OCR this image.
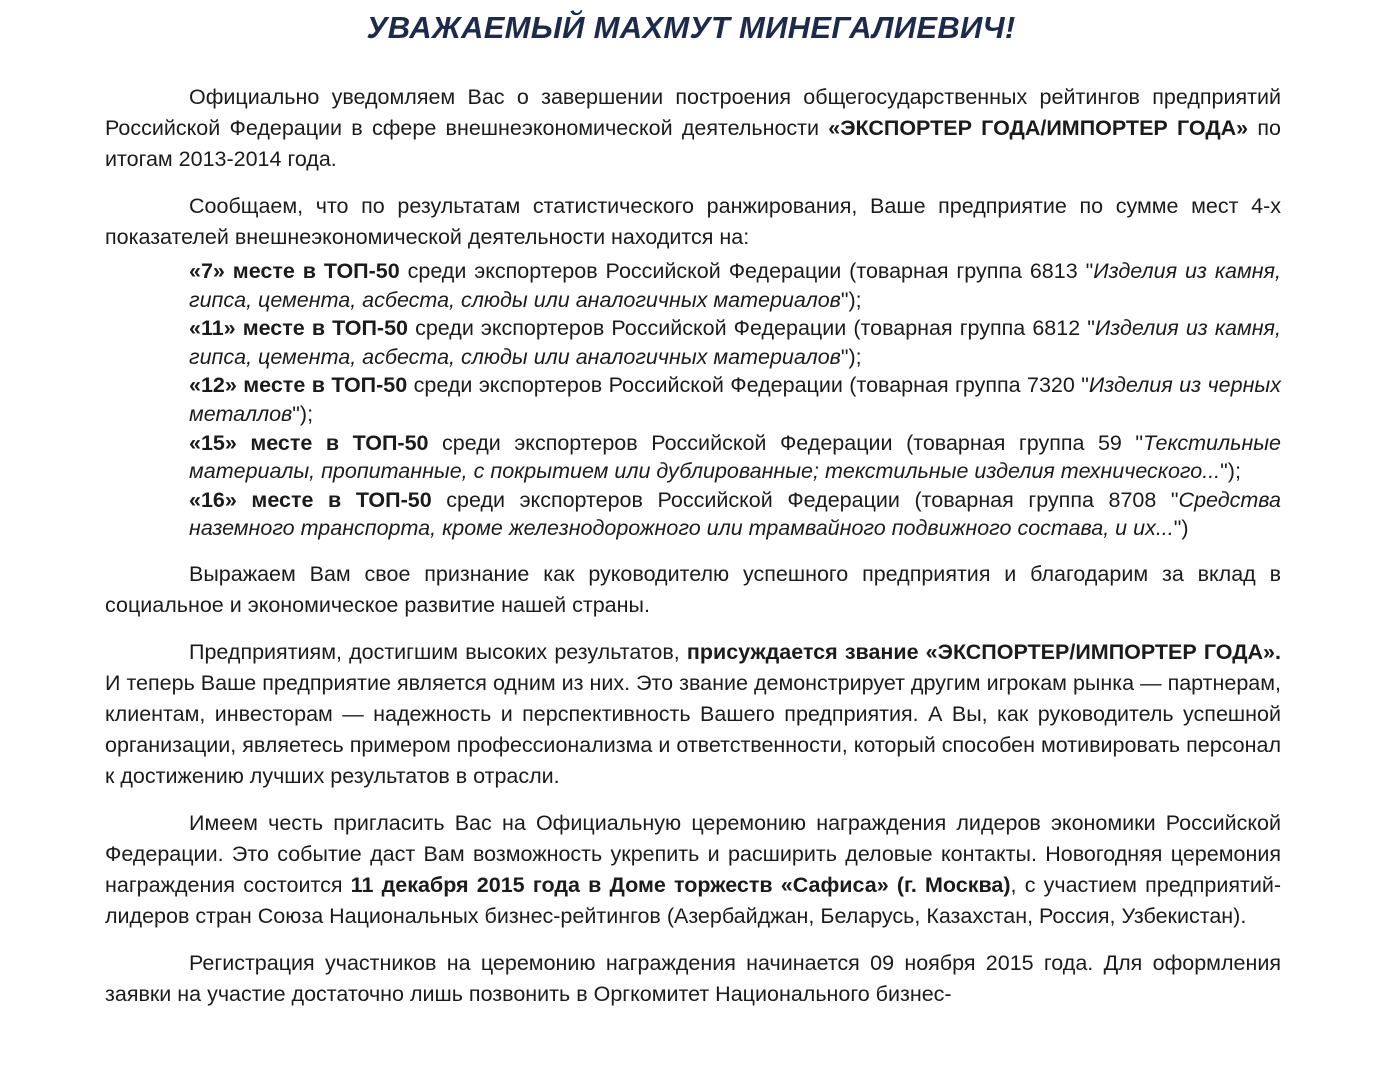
УВАЖАЕМЫЙ МАХМУТ МИНЕГАЛИЕВИЧ!

Официально уведомляем Вас о завершении построения общегосударственных рейтингов предприятий Российской Федерации в сфере внешнеэкономической деятельности «ЭКСПОРТЕР ГОДА/ИМПОРТЕР ГОДА» по итогам 2013-2014 года.

Сообщаем, что по результатам статистического ранжирования, Ваше предприятие по сумме мест 4-х показателей внешнеэкономической деятельности находится на:

«7» месте в ТОП-50 среди экспортеров Российской Федерации (товарная группа 6813 "Изделия из камня, гипса, цемента, асбеста, слюды или аналогичных материалов");
«11» месте в ТОП-50 среди экспортеров Российской Федерации (товарная группа 6812 "Изделия из камня, гипса, цемента, асбеста, слюды или аналогичных материалов");
«12» месте в ТОП-50 среди экспортеров Российской Федерации (товарная группа 7320 "Изделия из черных металлов");
«15» месте в ТОП-50 среди экспортеров Российской Федерации (товарная группа 59 "Текстильные материалы, пропитанные, с покрытием или дублированные; текстильные изделия технического...");
«16» месте в ТОП-50 среди экспортеров Российской Федерации (товарная группа 8708 "Средства наземного транспорта, кроме железнодорожного или трамвайного подвижного состава, и их...")

Выражаем Вам свое признание как руководителю успешного предприятия и благодарим за вклад в социальное и экономическое развитие нашей страны.

Предприятиям, достигшим высоких результатов, присуждается звание «ЭКСПОРТЕР/ИМПОРТЕР ГОДА». И теперь Ваше предприятие является одним из них. Это звание демонстрирует другим игрокам рынка — партнерам, клиентам, инвесторам — надежность и перспективность Вашего предприятия. А Вы, как руководитель успешной организации, являетесь примером профессионализма и ответственности, который способен мотивировать персонал к достижению лучших результатов в отрасли.

Имеем честь пригласить Вас на Официальную церемонию награждения лидеров экономики Российской Федерации. Это событие даст Вам возможность укрепить и расширить деловые контакты. Новогодняя церемония награждения состоится 11 декабря 2015 года в Доме торжеств «Сафиса» (г. Москва), с участием предприятий-лидеров стран Союза Национальных бизнес-рейтингов (Азербайджан, Беларусь, Казахстан, Россия, Узбекистан).

Регистрация участников на церемонию награждения начинается 09 ноября 2015 года. Для оформления заявки на участие достаточно лишь позвонить в Оргкомитет Национального бизнес-
